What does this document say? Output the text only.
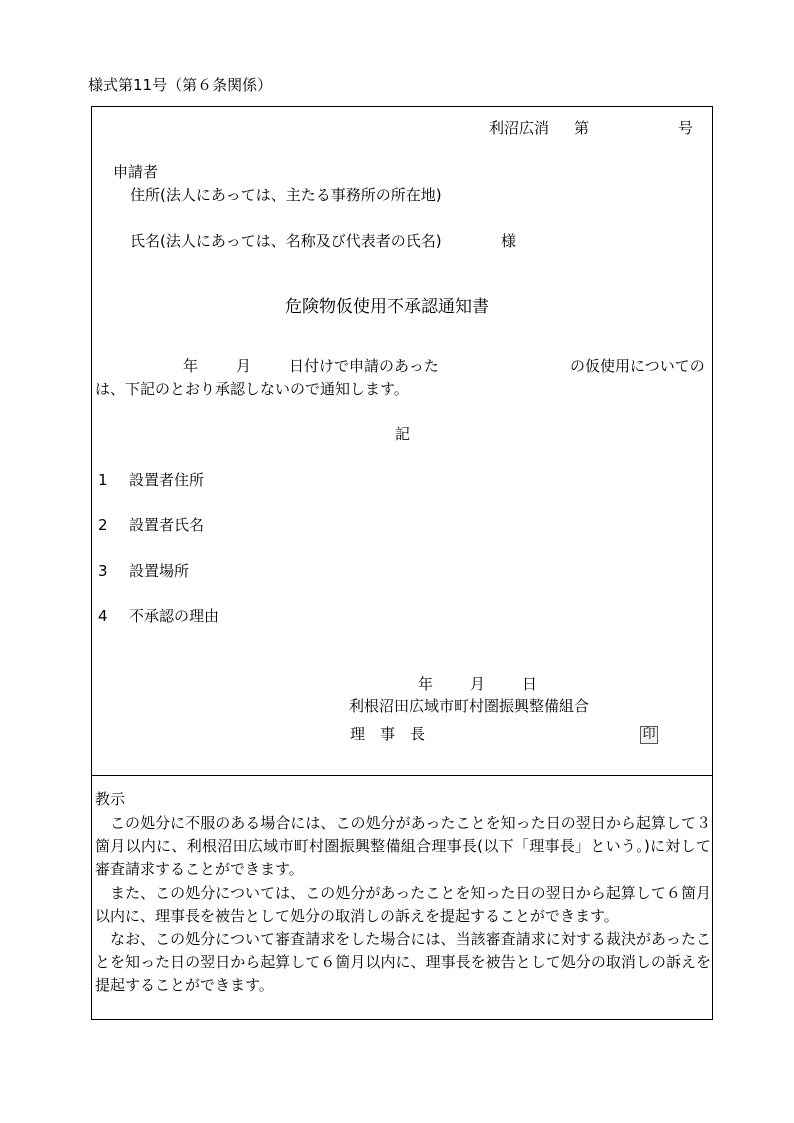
様式第11号（第６条関係）
利沼広消 第	号
申請者
住所(法人にあっては、主たる事務所の所在地)
氏名(法人にあっては、名称及び代表者の氏名)	様
危険物仮使用不承認通知書
年	月	日付けで申請のあった	の仮使用についての
は、下記のとおり承認しないので通知します。
記
1 設置者住所
2 設置者氏名
3 設置場所
4 不承認の理由
年 月 日
利根沼田広域市町村圏振興整備組合
理　事　長	印
教示

　この処分に不服のある場合には、この処分があったことを知った日の翌日から起算して３箇月以内に、利根沼田広域市町村圏振興整備組合理事長(以下「理事長」という。)に対して審査請求することができます。

　また、この処分については、この処分があったことを知った日の翌日から起算して６箇月以内に、理事長を被告として処分の取消しの訴えを提起することができます。

　なお、この処分について審査請求をした場合には、当該審査請求に対する裁決があったことを知った日の翌日から起算して６箇月以内に、理事長を被告として処分の取消しの訴えを提起することができます。
